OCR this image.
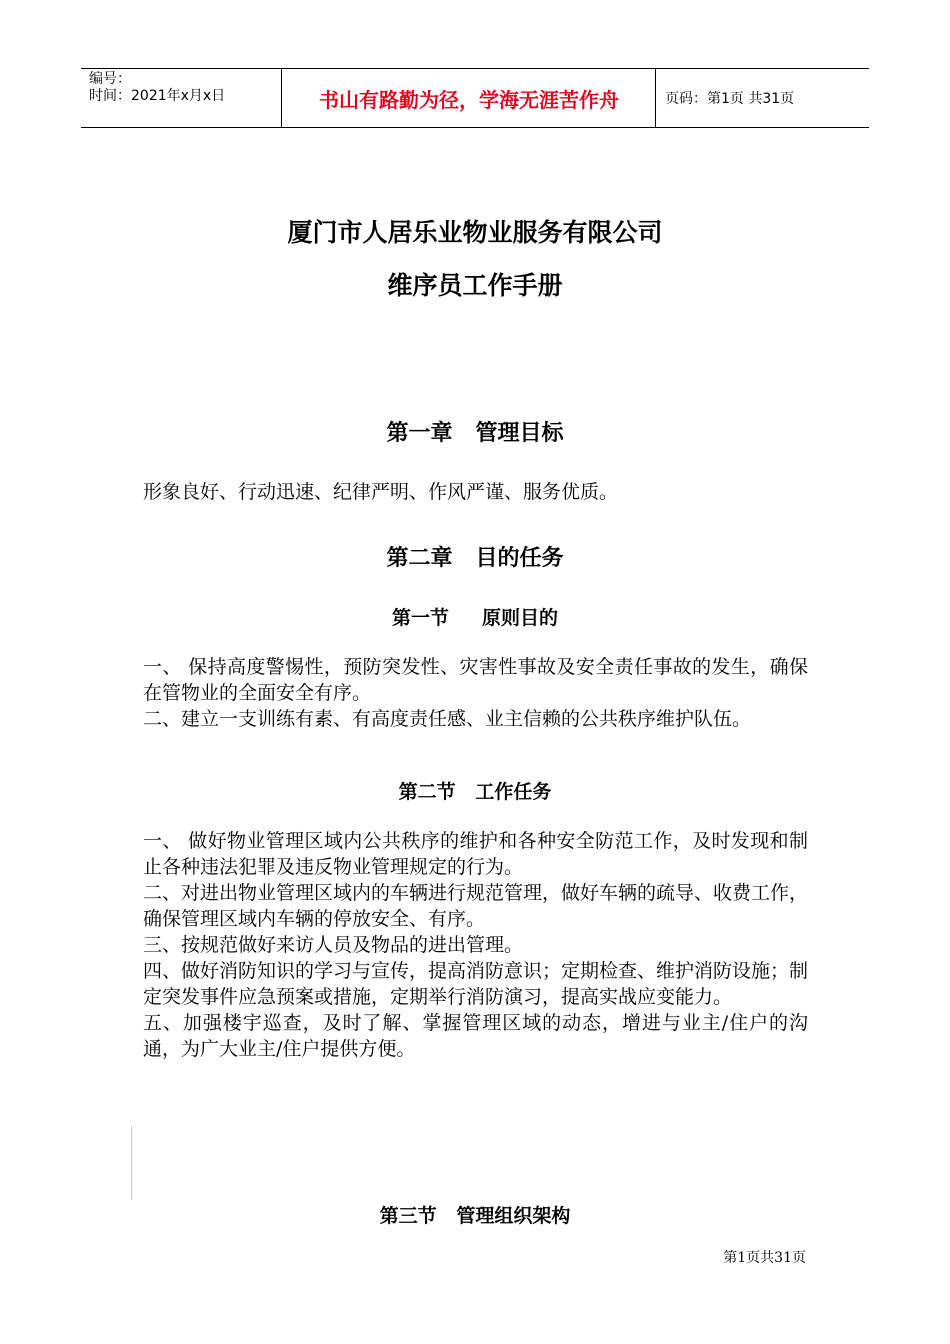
编号：
时间：2021年x月x日	书山有路勤为径，学海无涯苦作舟	页码：第1页 共31页
厦门市人居乐业物业服务有限公司
维序员工作手册
第一章   管理目标
形象良好、行动迅速、纪律严明、作风严谨、服务优质。
第二章   目的任务
第一节     原则目的
一、 保持高度警惕性，预防突发性、灾害性事故及安全责任事故的发生，确保在管物业的全面安全有序。
二、建立一支训练有素、有高度责任感、业主信赖的公共秩序维护队伍。
第二节   工作任务
一、 做好物业管理区域内公共秩序的维护和各种安全防范工作，及时发现和制止各种违法犯罪及违反物业管理规定的行为。
二、对进出物业管理区域内的车辆进行规范管理，做好车辆的疏导、收费工作，确保管理区域内车辆的停放安全、有序。
三、按规范做好来访人员及物品的进出管理。
四、做好消防知识的学习与宣传，提高消防意识；定期检查、维护消防设施；制定突发事件应急预案或措施，定期举行消防演习，提高实战应变能力。
五、加强楼宇巡查，及时了解、掌握管理区域的动态，增进与业主/住户的沟通，为广大业主/住户提供方便。
第三节   管理组织架构
第1页共31页
